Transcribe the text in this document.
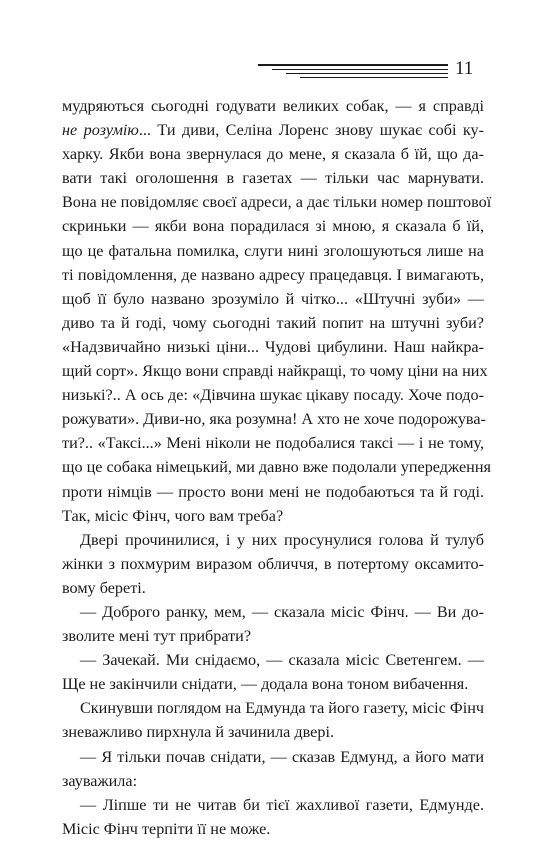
11
мудряються сьогодні годувати великих собак, — я справді
не розумію... Ти диви, Селіна Лоренс знову шукає собі ку-
харку. Якби вона звернулася до мене, я сказала б їй, що да-
вати такі оголошення в газетах — тільки час марнувати.
Вона не повідомляє своєї адреси, а дає тільки номер поштової
скриньки — якби вона порадилася зі мною, я сказала б їй,
що це фатальна помилка, слуги нині зголошуються лише на
ті повідомлення, де названо адресу працедавця. І вимагають,
щоб її було названо зрозуміло й чітко... «Штучні зуби» —
диво та й годі, чому сьогодні такий попит на штучні зуби?
«Надзвичайно низькі ціни... Чудові цибулини. Наш найкра-
щий сорт». Якщо вони справді найкращі, то чому ціни на них
низькі?.. А ось де: «Дівчина шукає цікаву посаду. Хоче подо-
рожувати». Диви-но, яка розумна! А хто не хоче подорожува-
ти?.. «Таксі...» Мені ніколи не подобалися таксі — і не тому,
що це собака німецький, ми давно вже подолали упередження
проти німців — просто вони мені не подобаються та й годі.
Так, місіс Фінч, чого вам треба?
Двері прочинилися, і у них просунулися голова й тулуб
жінки з похмурим виразом обличчя, в потертому оксамито-
вому береті.
— Доброго ранку, мем, — сказала місіс Фінч. — Ви до-
зволите мені тут прибрати?
— Зачекай. Ми снідаємо, — сказала місіс Светенгем. —
Ще не закінчили снідати, — додала вона тоном вибачення.
Скинувши поглядом на Едмунда та його газету, місіс Фінч
зневажливо пирхнула й зачинила двері.
— Я тільки почав снідати, — сказав Едмунд, а його мати
зауважила:
— Ліпше ти не читав би тієї жахливої газети, Едмунде.
Місіс Фінч терпіти її не може.
